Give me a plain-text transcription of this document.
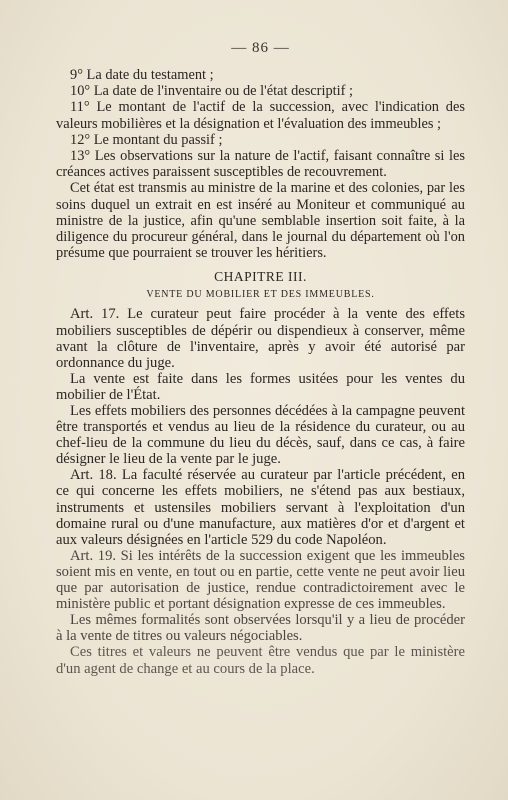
— 86 —

9° La date du testament ;

10° La date de l'inventaire ou de l'état descriptif ;

11° Le montant de l'actif de la succession, avec l'indication des valeurs mobilières et la désignation et l'évaluation des immeubles ;

12° Le montant du passif ;

13° Les observations sur la nature de l'actif, faisant connaître si les créances actives paraissent susceptibles de recouvrement.

Cet état est transmis au ministre de la marine et des colonies, par les soins duquel un extrait en est inséré au Moniteur et communiqué au ministre de la justice, afin qu'une semblable insertion soit faite, à la diligence du procureur général, dans le journal du département où l'on présume que pourraient se trouver les héritiers.

CHAPITRE III.
VENTE DU MOBILIER ET DES IMMEUBLES.

Art. 17. Le curateur peut faire procéder à la vente des effets mobiliers susceptibles de dépérir ou dispendieux à conserver, même avant la clôture de l'inventaire, après y avoir été autorisé par ordonnance du juge.

La vente est faite dans les formes usitées pour les ventes du mobilier de l'État.

Les effets mobiliers des personnes décédées à la campagne peuvent être transportés et vendus au lieu de la résidence du curateur, ou au chef-lieu de la commune du lieu du décès, sauf, dans ce cas, à faire désigner le lieu de la vente par le juge.

Art. 18. La faculté réservée au curateur par l'article précédent, en ce qui concerne les effets mobiliers, ne s'étend pas aux bestiaux, instruments et ustensiles mobiliers servant à l'exploitation d'un domaine rural ou d'une manufacture, aux matières d'or et d'argent et aux valeurs désignées en l'article 529 du code Napoléon.

Art. 19. Si les intérêts de la succession exigent que les immeubles soient mis en vente, en tout ou en partie, cette vente ne peut avoir lieu que par autorisation de justice, rendue contradictoirement avec le ministère public et portant désignation expresse de ces immeubles.

Les mêmes formalités sont observées lorsqu'il y a lieu de procéder à la vente de titres ou valeurs négociables.

Ces titres et valeurs ne peuvent être vendus que par le ministère d'un agent de change et au cours de la place.
